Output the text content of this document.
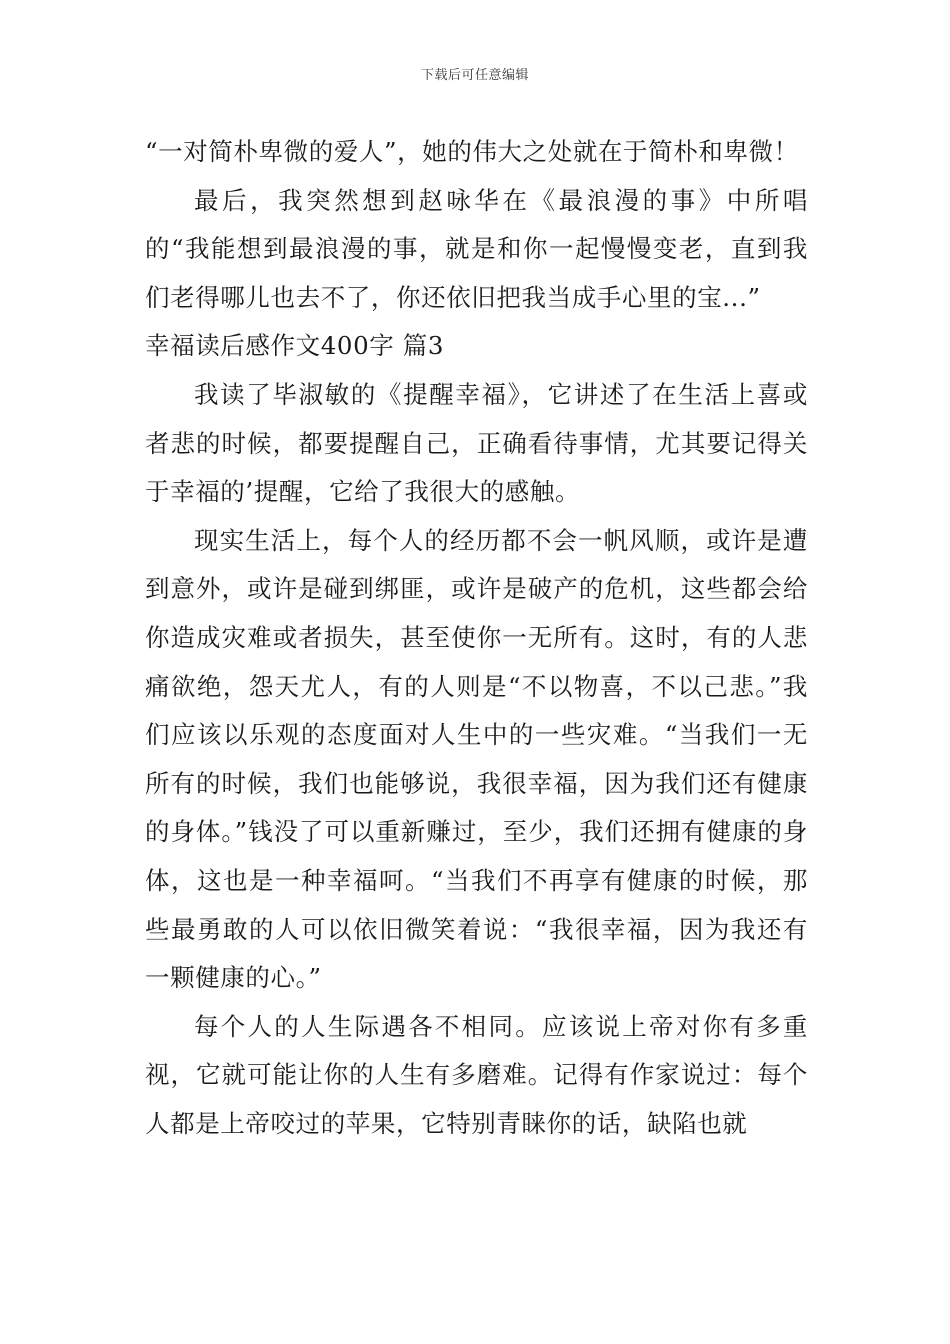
下载后可任意编辑

“一对简朴卑微的爱人”，她的伟大之处就在于简朴和卑微！

最后，我突然想到赵咏华在《最浪漫的事》中所唱的“我能想到最浪漫的事，就是和你一起慢慢变老，直到我们老得哪儿也去不了，你还依旧把我当成手心里的宝...”

幸福读后感作文400字 篇3

我读了毕淑敏的《提醒幸福》，它讲述了在生活上喜或者悲的时候，都要提醒自己，正确看待事情，尤其要记得关于幸福的’提醒，它给了我很大的感触。

现实生活上，每个人的经历都不会一帆风顺，或许是遭到意外，或许是碰到绑匪，或许是破产的危机，这些都会给你造成灾难或者损失，甚至使你一无所有。这时，有的人悲痛欲绝，怨天尤人，有的人则是“不以物喜，不以己悲。”我们应该以乐观的态度面对人生中的一些灾难。“当我们一无所有的时候，我们也能够说，我很幸福，因为我们还有健康的身体。”钱没了可以重新赚过，至少，我们还拥有健康的身体，这也是一种幸福呵。“当我们不再享有健康的时候，那些最勇敢的人可以依旧微笑着说：“我很幸福，因为我还有一颗健康的心。”

每个人的人生际遇各不相同。应该说上帝对你有多重视，它就可能让你的人生有多磨难。记得有作家说过：每个人都是上帝咬过的苹果，它特别青睐你的话，缺陷也就
